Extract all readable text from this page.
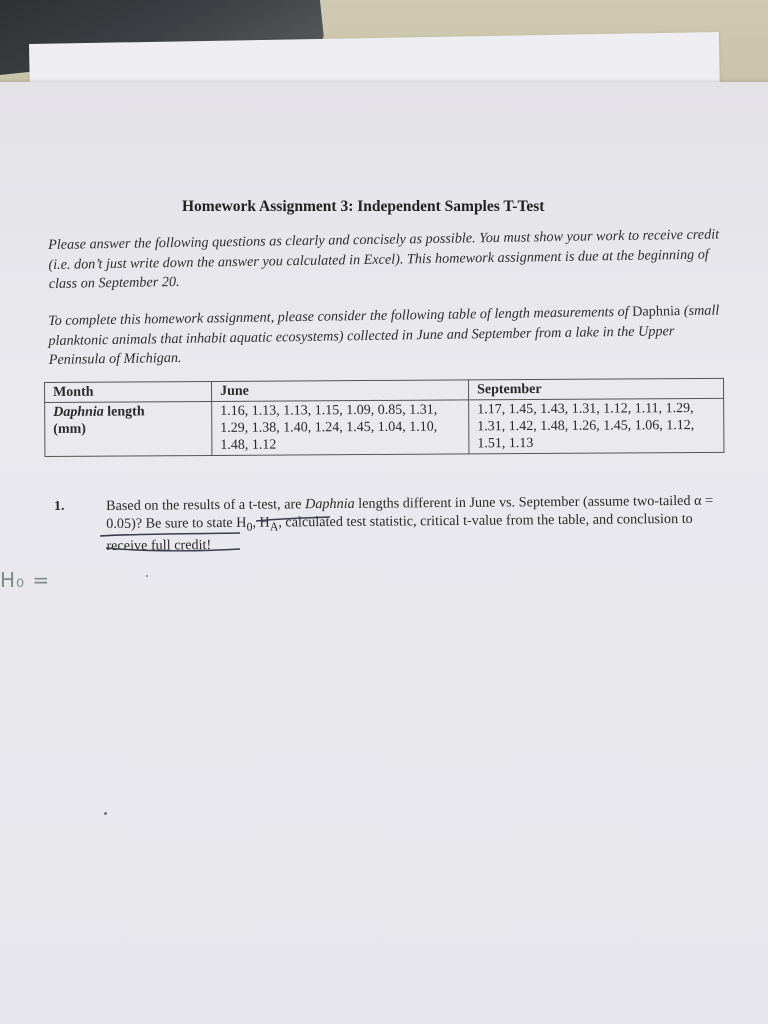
Homework Assignment 3: Independent Samples T-Test
Please answer the following questions as clearly and concisely as possible. You must show your work to receive credit (i.e. don’t just write down the answer you calculated in Excel). This homework assignment is due at the beginning of class on September 20.
To complete this homework assignment, please consider the following table of length measurements of Daphnia (small planktonic animals that inhabit aquatic ecosystems) collected in June and September from a lake in the Upper Peninsula of Michigan.
Month	June	September
Daphnia length
(mm)	1.16, 1.13, 1.13, 1.15, 1.09, 0.85, 1.31, 1.29, 1.38, 1.40, 1.24, 1.45, 1.04, 1.10, 1.48, 1.12	1.17, 1.45, 1.43, 1.31, 1.12, 1.11, 1.29, 1.31, 1.42, 1.48, 1.26, 1.45, 1.06, 1.12, 1.51, 1.13
1.	Based on the results of a t-test, are Daphnia lengths different in June vs. September (assume two-tailed α = 0.05)? Be sure to state $H_0$, $H_A$, calculated test statistic, critical t-value from the table, and conclusion to receive full credit!
H₀ =
